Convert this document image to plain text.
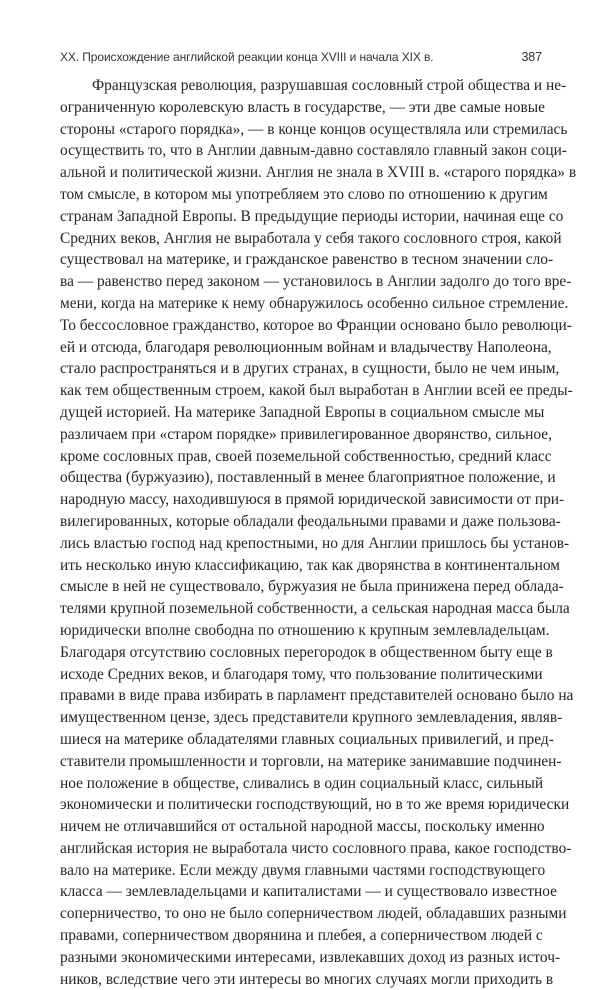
XX. Происхождение английской реакции конца XVIII и начала XIX в.	387
Французская революция, разрушавшая сословный строй общества и не-
ограниченную королевскую власть в государстве, — эти две самые новые
стороны «старого порядка», — в конце концов осуществляла или стремилась
осуществить то, что в Англии давным-давно составляло главный закон соци-
альной и политической жизни. Англия не знала в XVIII в. «старого порядка» в
том смысле, в котором мы употребляем это слово по отношению к другим
странам Западной Европы. В предыдущие периоды истории, начиная еще со
Средних веков, Англия не выработала у себя такого сословного строя, какой
существовал на материке, и гражданское равенство в тесном значении сло-
ва — равенство перед законом — установилось в Англии задолго до того вре-
мени, когда на материке к нему обнаружилось особенно сильное стремление.
То бессословное гражданство, которое во Франции основано было революци-
ей и отсюда, благодаря революционным войнам и владычеству Наполеона,
стало распространяться и в других странах, в сущности, было не чем иным,
как тем общественным строем, какой был выработан в Англии всей ее преды-
дущей историей. На материке Западной Европы в социальном смысле мы
различаем при «старом порядке» привилегированное дворянство, сильное,
кроме сословных прав, своей поземельной собственностью, средний класс
общества (буржуазию), поставленный в менее благоприятное положение, и
народную массу, находившуюся в прямой юридической зависимости от при-
вилегированных, которые обладали феодальными правами и даже пользова-
лись властью господ над крепостными, но для Англии пришлось бы установ-
ить несколько иную классификацию, так как дворянства в континентальном
смысле в ней не существовало, буржуазия не была принижена перед облада-
телями крупной поземельной собственности, а сельская народная масса была
юридически вполне свободна по отношению к крупным землевладельцам.
Благодаря отсутствию сословных перегородок в общественном быту еще в
исходе Средних веков, и благодаря тому, что пользование политическими
правами в виде права избирать в парламент представителей основано было на
имущественном цензе, здесь представители крупного землевладения, являв-
шиеся на материке обладателями главных социальных привилегий, и пред-
ставители промышленности и торговли, на материке занимавшие подчинен-
ное положение в обществе, сливались в один социальный класс, сильный
экономически и политически господствующий, но в то же время юридически
ничем не отличавшийся от остальной народной массы, поскольку именно
английская история не выработала чисто сословного права, какое господство-
вало на материке. Если между двумя главными частями господствующего
класса — землевладельцами и капиталистами — и существовало известное
соперничество, то оно не было соперничеством людей, обладавших разными
правами, соперничеством дворянина и плебея, а соперничеством людей с
разными экономическими интересами, извлекавших доход из разных источ-
ников, вследствие чего эти интересы во многих случаях могли приходить в
